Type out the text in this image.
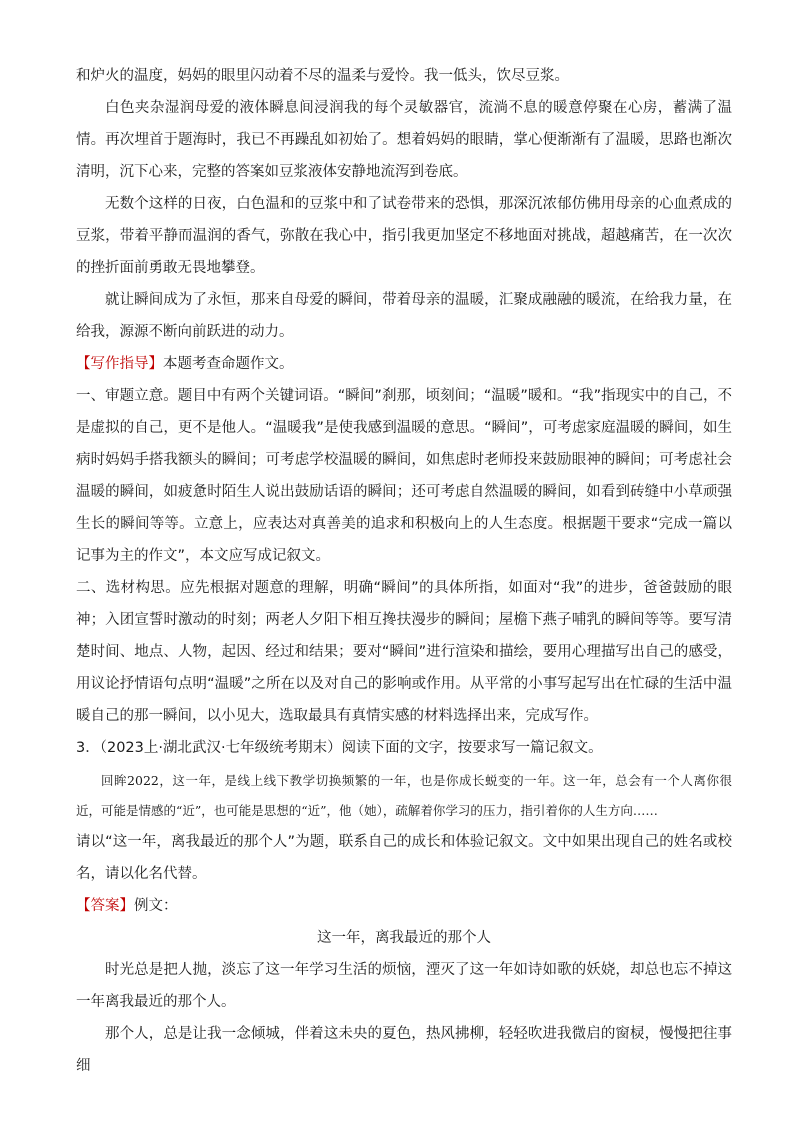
和炉火的温度，妈妈的眼里闪动着不尽的温柔与爱怜。我一低头，饮尽豆浆。

白色夹杂湿润母爱的液体瞬息间浸润我的每个灵敏器官，流淌不息的暖意停聚在心房，蓄满了温情。再次埋首于题海时，我已不再躁乱如初始了。想着妈妈的眼睛，掌心便渐渐有了温暖，思路也渐次清明，沉下心来，完整的答案如豆浆液体安静地流泻到卷底。

无数个这样的日夜，白色温和的豆浆中和了试卷带来的恐惧，那深沉浓郁仿佛用母亲的心血煮成的豆浆，带着平静而温润的香气，弥散在我心中，指引我更加坚定不移地面对挑战，超越痛苦，在一次次的挫折面前勇敢无畏地攀登。

就让瞬间成为了永恒，那来自母爱的瞬间，带着母亲的温暖，汇聚成融融的暖流，在给我力量，在给我，源源不断向前跃进的动力。

【写作指导】本题考查命题作文。

一、审题立意。题目中有两个关键词语。“瞬间”刹那，顷刻间；“温暖”暖和。“我”指现实中的自己，不是虚拟的自己，更不是他人。“温暖我”是使我感到温暖的意思。“瞬间”，可考虑家庭温暖的瞬间，如生病时妈妈手搭我额头的瞬间；可考虑学校温暖的瞬间，如焦虑时老师投来鼓励眼神的瞬间；可考虑社会温暖的瞬间，如疲惫时陌生人说出鼓励话语的瞬间；还可考虑自然温暖的瞬间，如看到砖缝中小草顽强生长的瞬间等等。立意上，应表达对真善美的追求和积极向上的人生态度。根据题干要求“完成一篇以记事为主的作文”，本文应写成记叙文。

二、选材构思。应先根据对题意的理解，明确“瞬间”的具体所指，如面对“我”的进步，爸爸鼓励的眼神；入团宣誓时激动的时刻；两老人夕阳下相互搀扶漫步的瞬间；屋檐下燕子哺乳的瞬间等等。要写清楚时间、地点、人物，起因、经过和结果；要对“瞬间”进行渲染和描绘，要用心理描写出自己的感受，用议论抒情语句点明“温暖”之所在以及对自己的影响或作用。从平常的小事写起写出在忙碌的生活中温暖自己的那一瞬间，以小见大，选取最具有真情实感的材料选择出来，完成写作。

3．（2023上·湖北武汉·七年级统考期末）阅读下面的文字，按要求写一篇记叙文。

回眸2022，这一年，是线上线下教学切换频繁的一年，也是你成长蜕变的一年。这一年，总会有一个人离你很近，可能是情感的“近”，也可能是思想的“近”，他（她），疏解着你学习的压力，指引着你的人生方向……

请以“这一年，离我最近的那个人”为题，联系自己的成长和体验记叙文。文中如果出现自己的姓名或校名，请以化名代替。

【答案】例文：

这一年，离我最近的那个人

时光总是把人抛，淡忘了这一年学习生活的烦恼，湮灭了这一年如诗如歌的妖娆，却总也忘不掉这一年离我最近的那个人。

那个人，总是让我一念倾城，伴着这未央的夏色，热风拂柳，轻轻吹进我微启的窗棂，慢慢把往事细
